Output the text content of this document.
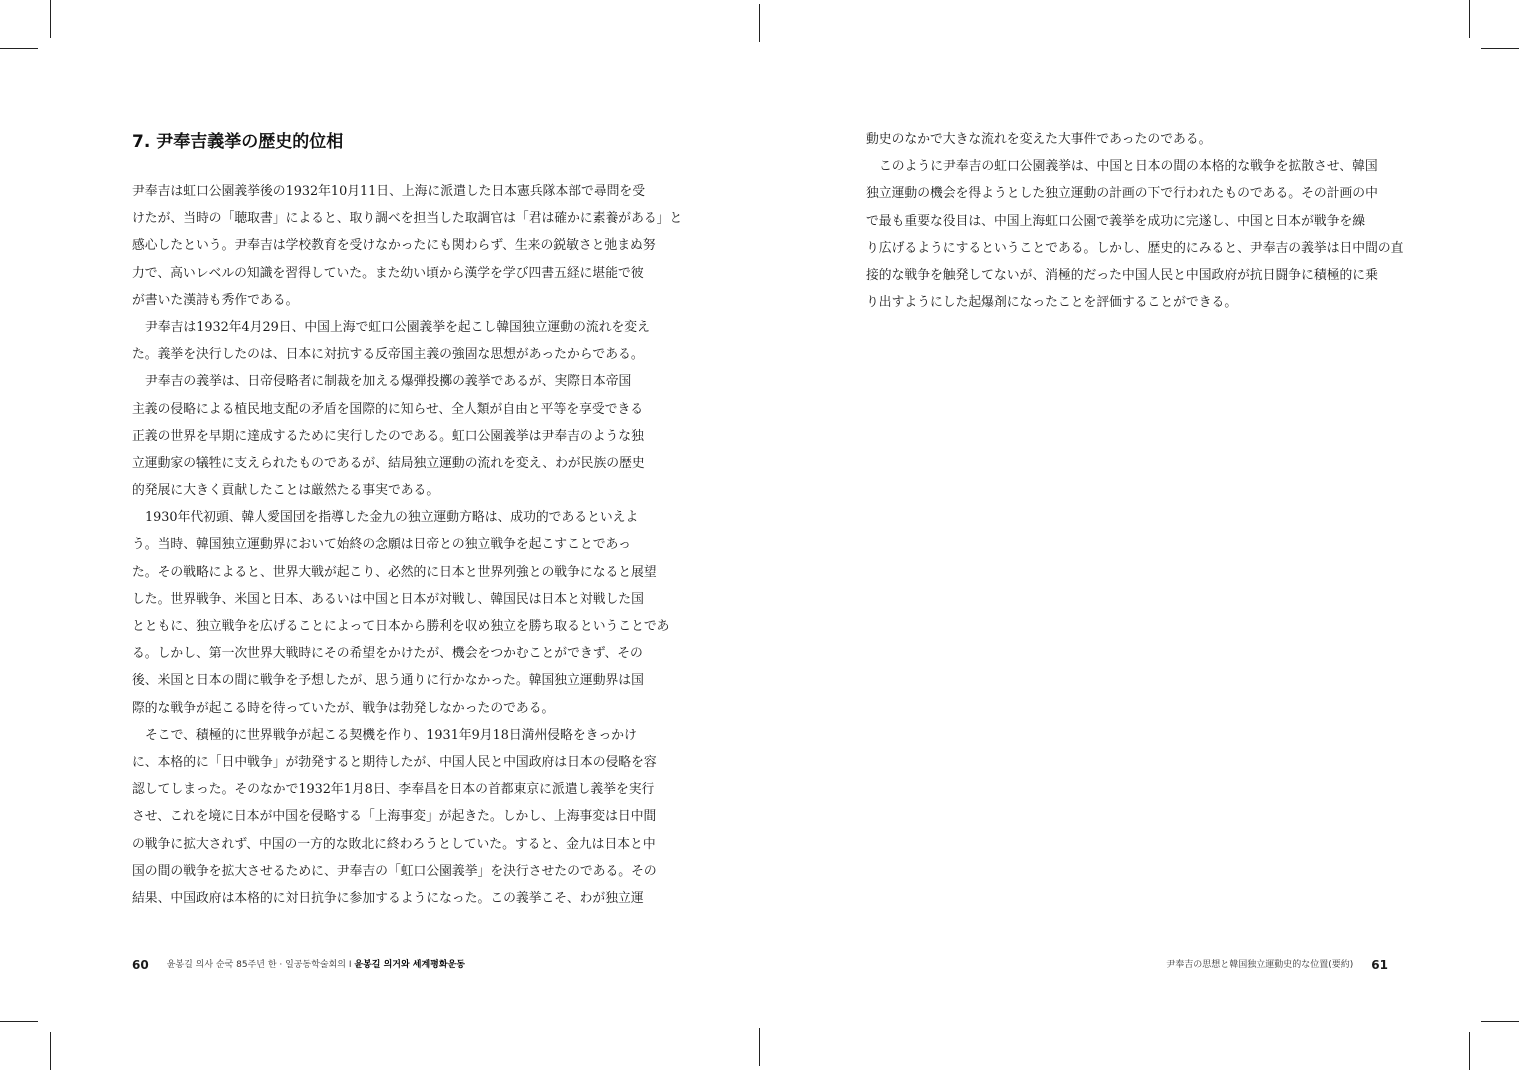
7. 尹奉吉義挙の歴史的位相
尹奉吉は虹口公園義挙後の1932年10月11日、上海に派遣した日本憲兵隊本部で尋問を受
けたが、当時の「聴取書」によると、取り調べを担当した取調官は「君は確かに素養がある」と
感心したという。尹奉吉は学校教育を受けなかったにも関わらず、生来の鋭敏さと弛まぬ努
力で、高いレベルの知識を習得していた。また幼い頃から漢学を学び四書五経に堪能で彼
が書いた漢詩も秀作である。
尹奉吉は1932年4月29日、中国上海で虹口公園義挙を起こし韓国独立運動の流れを変え
た。義挙を決行したのは、日本に対抗する反帝国主義の強固な思想があったからである。
尹奉吉の義挙は、日帝侵略者に制裁を加える爆弾投擲の義挙であるが、実際日本帝国
主義の侵略による植民地支配の矛盾を国際的に知らせ、全人類が自由と平等を享受できる
正義の世界を早期に達成するために実行したのである。虹口公園義挙は尹奉吉のような独
立運動家の犠牲に支えられたものであるが、結局独立運動の流れを変え、わが民族の歴史
的発展に大きく貢献したことは厳然たる事実である。
1930年代初頭、韓人愛国団を指導した金九の独立運動方略は、成功的であるといえよ
う。当時、韓国独立運動界において始終の念願は日帝との独立戦争を起こすことであっ
た。その戦略によると、世界大戦が起こり、必然的に日本と世界列強との戦争になると展望
した。世界戦争、米国と日本、あるいは中国と日本が対戦し、韓国民は日本と対戦した国
とともに、独立戦争を広げることによって日本から勝利を収め独立を勝ち取るということであ
る。しかし、第一次世界大戦時にその希望をかけたが、機会をつかむことができず、その
後、米国と日本の間に戦争を予想したが、思う通りに行かなかった。韓国独立運動界は国
際的な戦争が起こる時を待っていたが、戦争は勃発しなかったのである。
そこで、積極的に世界戦争が起こる契機を作り、1931年9月18日満州侵略をきっかけ
に、本格的に「日中戦争」が勃発すると期待したが、中国人民と中国政府は日本の侵略を容
認してしまった。そのなかで1932年1月8日、李奉昌を日本の首都東京に派遣し義挙を実行
させ、これを境に日本が中国を侵略する「上海事変」が起きた。しかし、上海事変は日中間
の戦争に拡大されず、中国の一方的な敗北に終わろうとしていた。すると、金九は日本と中
国の間の戦争を拡大させるために、尹奉吉の「虹口公園義挙」を決行させたのである。その
結果、中国政府は本格的に対日抗争に参加するようになった。この義挙こそ、わが独立運
60 윤봉길 의사 순국 85주년 한 · 일공동학술회의 I 윤봉길 의거와 세계평화운동
動史のなかで大きな流れを変えた大事件であったのである。
このように尹奉吉の虹口公園義挙は、中国と日本の間の本格的な戦争を拡散させ、韓国
独立運動の機会を得ようとした独立運動の計画の下で行われたものである。その計画の中
で最も重要な役目は、中国上海虹口公園で義挙を成功に完遂し、中国と日本が戦争を繰
り広げるようにするということである。しかし、歴史的にみると、尹奉吉の義挙は日中間の直
接的な戦争を触発してないが、消極的だった中国人民と中国政府が抗日闘争に積極的に乗
り出すようにした起爆剤になったことを評価することができる。
尹奉吉の思想と韓国独立運動史的な位置(要約) 61
